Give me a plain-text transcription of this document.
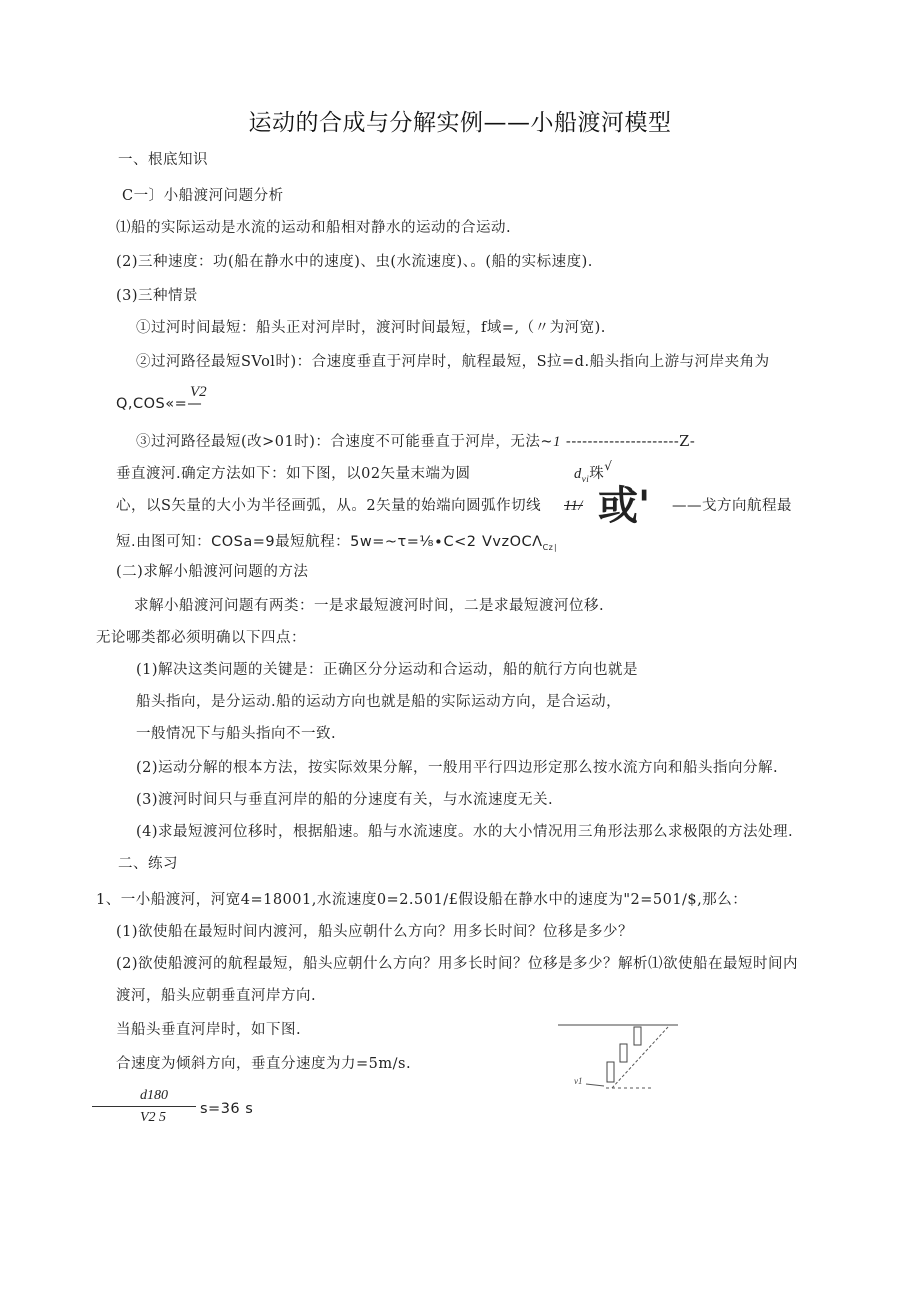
运动的合成与分解实例——小船渡河模型
一、根底知识
C一〕小船渡河问题分析
⑴船的实际运动是水流的运动和船相对静水的运动的合运动.
(2)三种速度：功(船在静水中的速度)、虫(水流速度)、。(船的实标速度).
(3)三种情景
①过河时间最短：船头正对河岸时，渡河时间最短，f域=,（〃为河宽).
②过河路径最短SVol时)：合速度垂直于河岸时，航程最短，S拉=d.船头指向上游与河岸夹角为
Q,COS«=—
V2
③过河路径最短(改>01时)：合速度不可能垂直于河岸，无法~1 ---------------------Z-
垂直渡河.确定方法如下：如下图，以02矢量末端为圆	$d_{vi}$珠√
心，以S矢量的大小为半径画弧，从。2矢量的始端向圆弧作切线 11/ 或' ——戈方向航程最
短.由图可知：COSa=9最短航程：5w=~τ=⅛∙C<2 VvzOCΛ$_{Cz∣}$
(二)求解小船渡河问题的方法
求解小船渡河问题有两类：一是求最短渡河时间，二是求最短渡河位移.
无论哪类都必须明确以下四点：
(1)解决这类问题的关键是：正确区分分运动和合运动，船的航行方向也就是
船头指向，是分运动.船的运动方向也就是船的实际运动方向，是合运动，
一般情况下与船头指向不一致.
(2)运动分解的根本方法，按实际效果分解，一般用平行四边形定那么按水流方向和船头指向分解.
(3)渡河时间只与垂直河岸的船的分速度有关，与水流速度无关.
(4)求最短渡河位移时，根据船速。船与水流速度。水的大小情况用三角形法那么求极限的方法处理.
二、练习
1、一小船渡河，河宽4=18001,水流速度0=2.501∕£假设船在静水中的速度为"2=501∕$,那么：
(1)欲使船在最短时间内渡河，船头应朝什么方向？用多长时间？位移是多少？
(2)欲使船渡河的航程最短，船头应朝什么方向？用多长时间？位移是多少？解析⑴欲使船在最短时间内
渡河，船头应朝垂直河岸方向.
当船头垂直河岸时，如下图.
合速度为倾斜方向，垂直分速度为力=5m∕s.
d180
V2 5
s=36 s
v1
